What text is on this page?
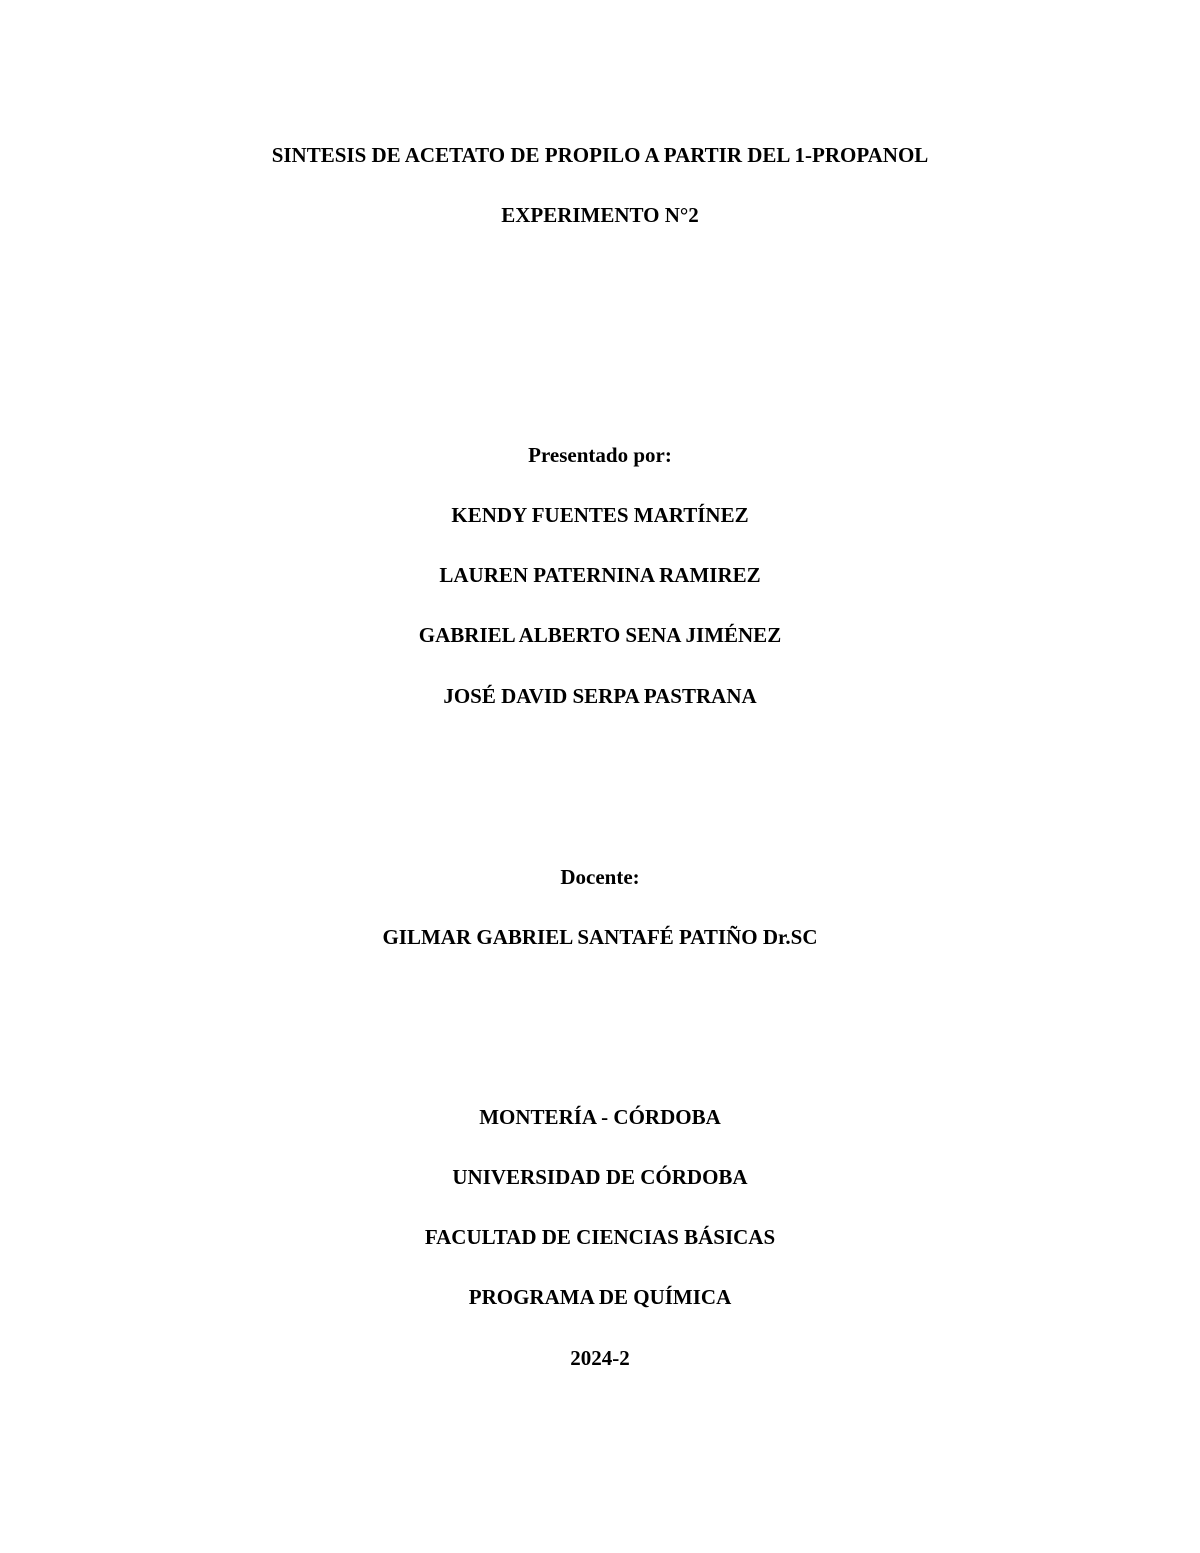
SINTESIS DE ACETATO DE PROPILO A PARTIR DEL 1-PROPANOL
EXPERIMENTO N°2
Presentado por:
KENDY FUENTES MARTÍNEZ
LAUREN PATERNINA RAMIREZ
GABRIEL ALBERTO SENA JIMÉNEZ
JOSÉ DAVID SERPA PASTRANA
Docente:
GILMAR GABRIEL SANTAFÉ PATIÑO Dr.SC
MONTERÍA - CÓRDOBA
UNIVERSIDAD DE CÓRDOBA
FACULTAD DE CIENCIAS BÁSICAS
PROGRAMA DE QUÍMICA
2024-2
